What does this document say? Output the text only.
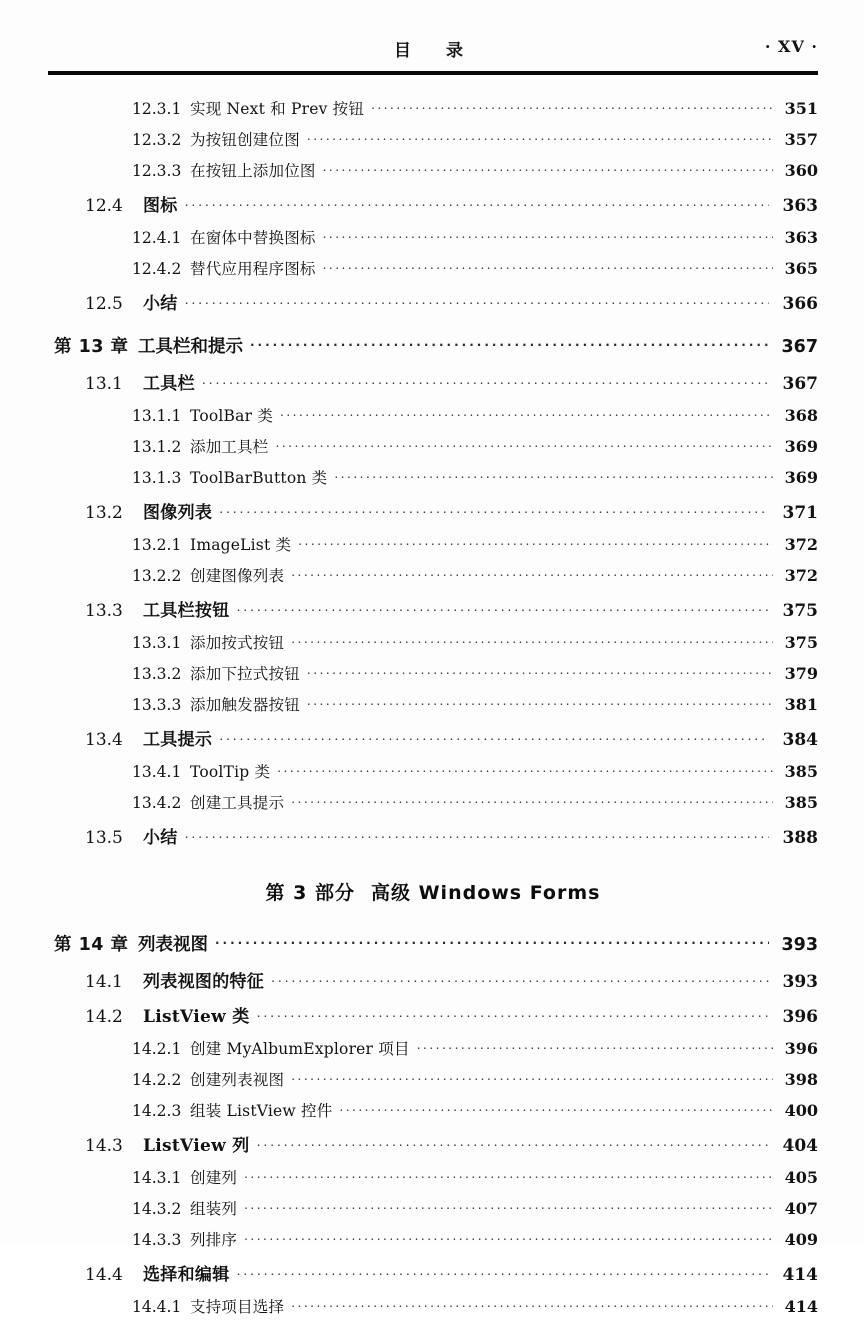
目　录	· XV ·
12.3.1 实现 Next 和 Prev 按钮 .....	351
12.3.2 为按钮创建位图 .....	357
12.3.3 在按钮上添加位图 .....	360
12.4	图标 .....	363
12.4.1 在窗体中替换图标 .....	363
12.4.2 替代应用程序图标 .....	365
12.5	小结 .....	366
第 13 章 工具栏和提示 .....	367
13.1	工具栏 .....	367
13.1.1 ToolBar 类 .....	368
13.1.2 添加工具栏 .....	369
13.1.3 ToolBarButton 类 .....	369
13.2	图像列表 .....	371
13.2.1 ImageList 类 .....	372
13.2.2 创建图像列表 .....	372
13.3	工具栏按钮 .....	375
13.3.1 添加按式按钮 .....	375
13.3.2 添加下拉式按钮 .....	379
13.3.3 添加触发器按钮 .....	381
13.4	工具提示 .....	384
13.4.1 ToolTip 类 .....	385
13.4.2 创建工具提示 .....	385
13.5	小结 .....	388
第 3 部分 高级 Windows Forms
第 14 章 列表视图 .....	393
14.1	列表视图的特征 .....	393
14.2	ListView 类 .....	396
14.2.1 创建 MyAlbumExplorer 项目 .....	396
14.2.2 创建列表视图 .....	398
14.2.3 组装 ListView 控件 .....	400
14.3	ListView 列 .....	404
14.3.1 创建列 .....	405
14.3.2 组装列 .....	407
14.3.3 列排序 .....	409
14.4	选择和编辑 .....	414
14.4.1 支持项目选择 .....	414
· · · ·   · · · ·
